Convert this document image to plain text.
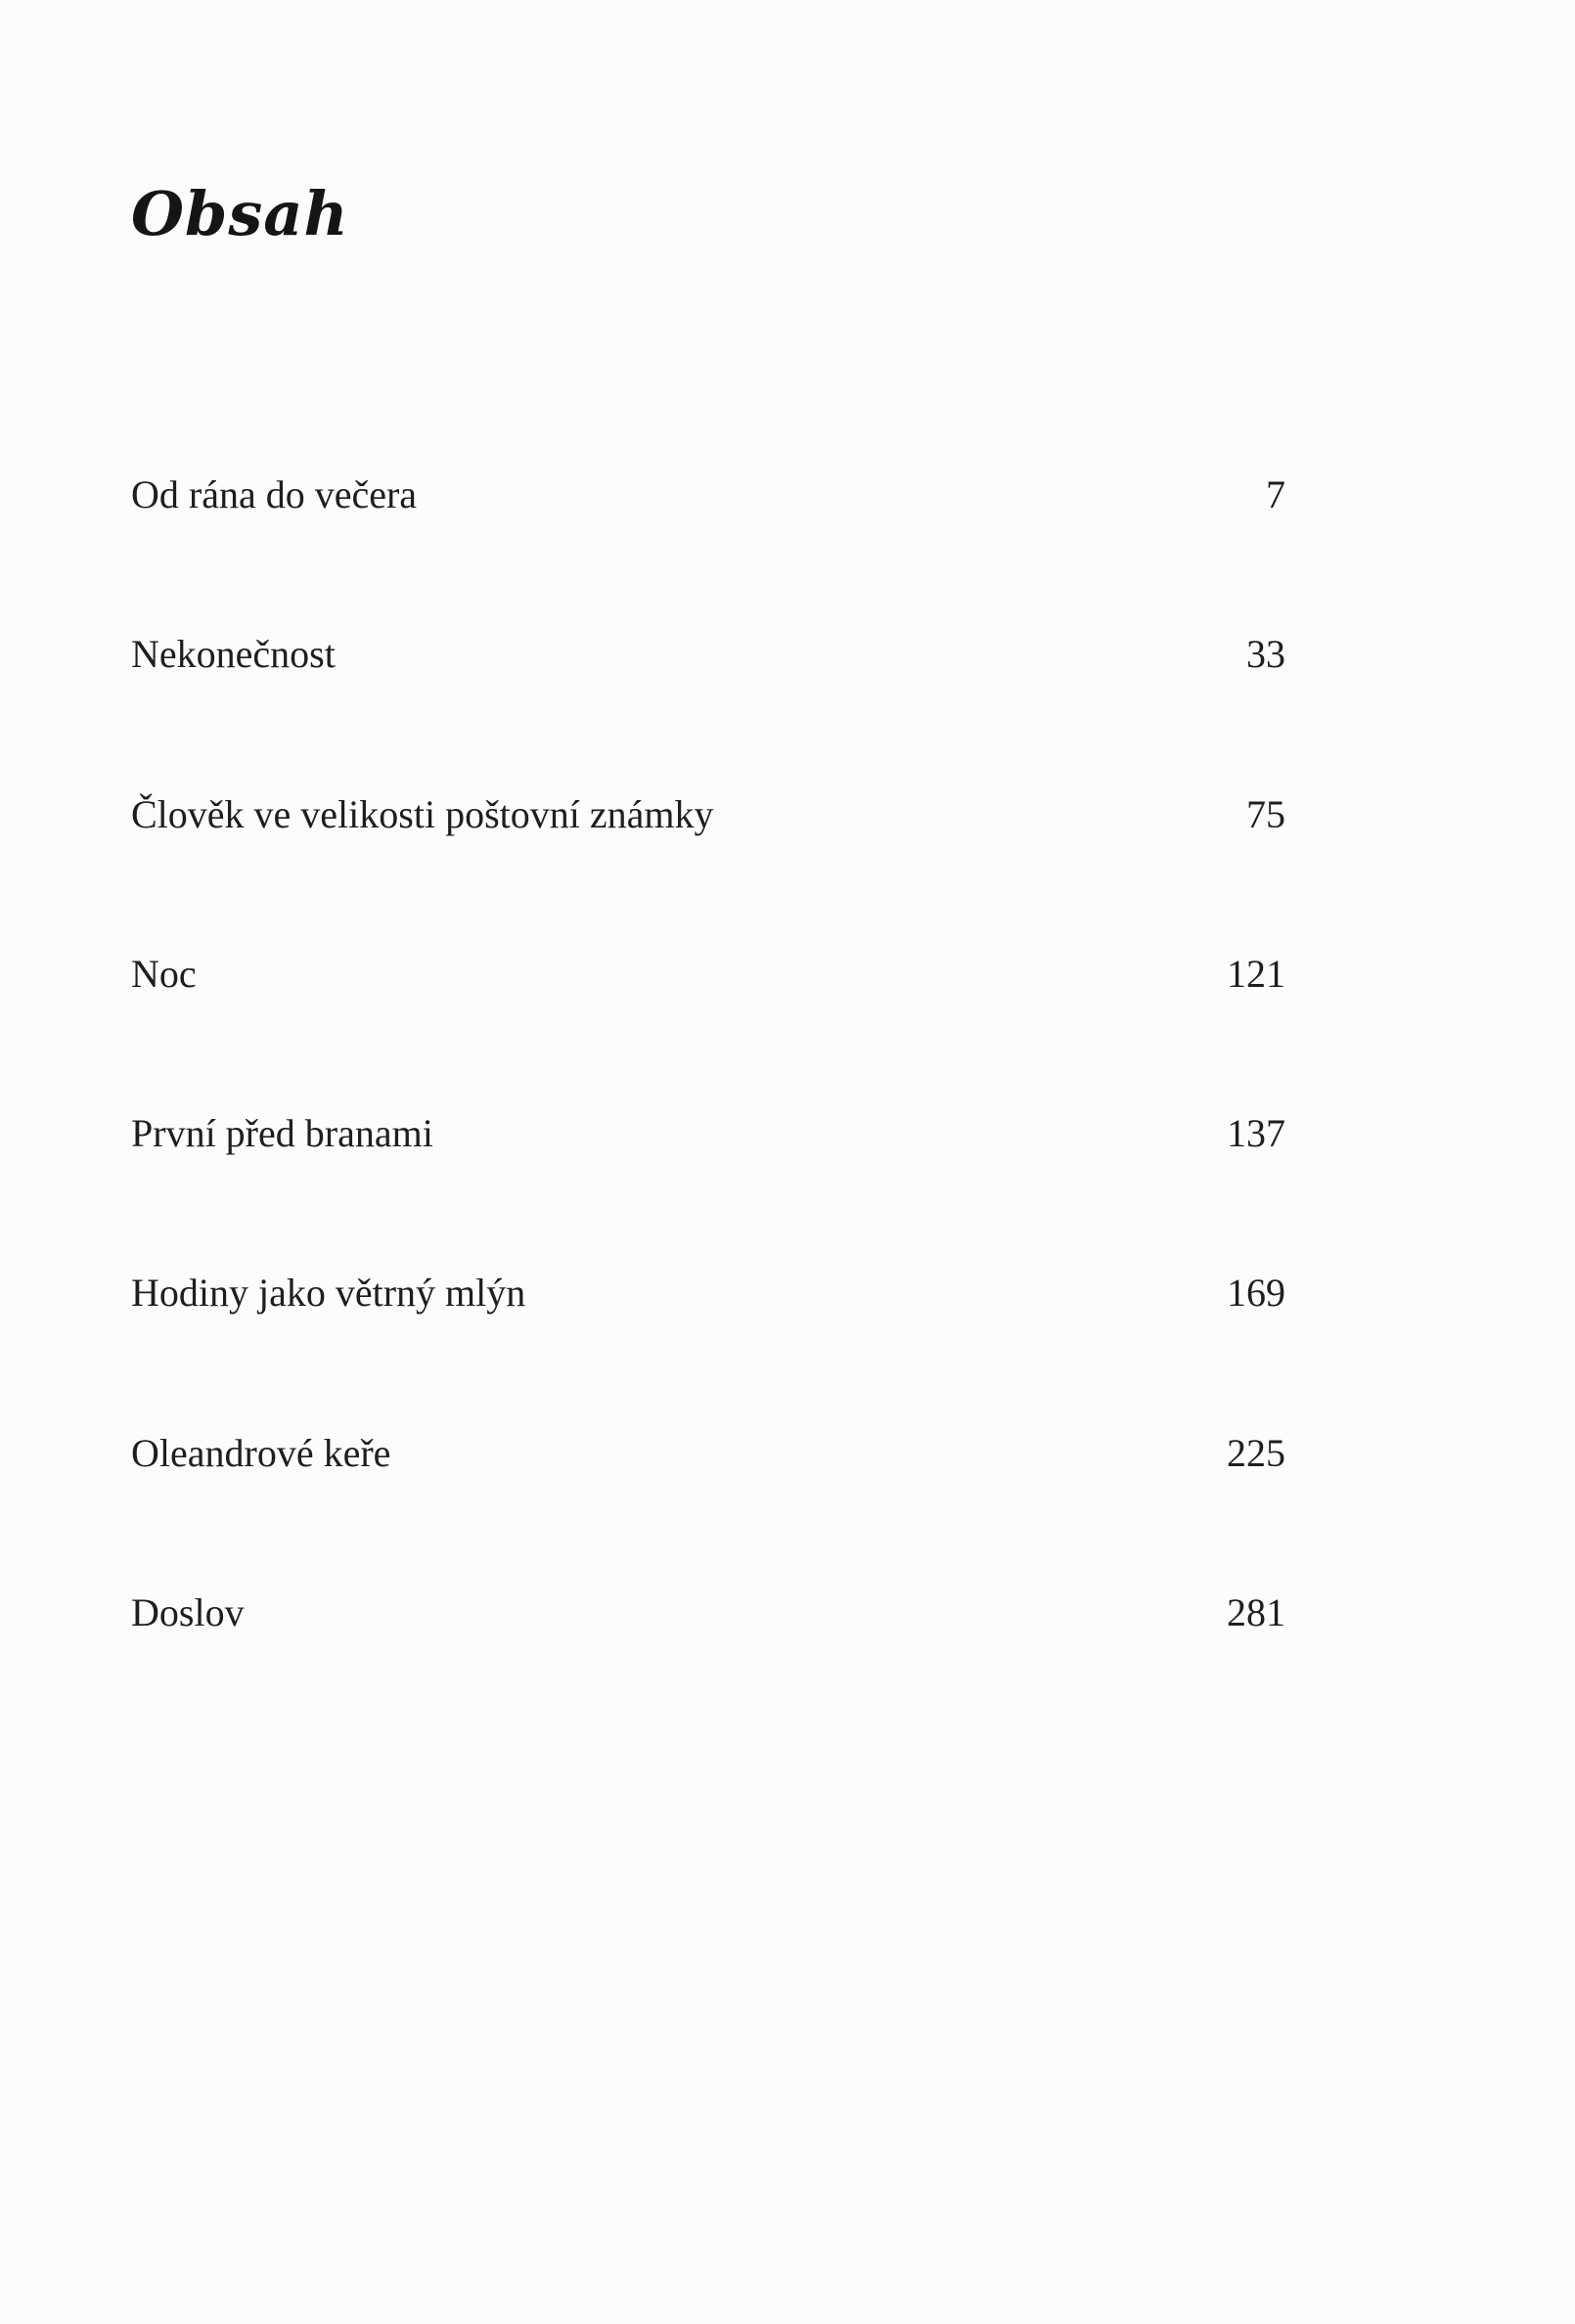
Obsah
Od rána do večera	7
Nekonečnost	33
Člověk ve velikosti poštovní známky	75
Noc	121
První před branami	137
Hodiny jako větrný mlýn	169
Oleandrové keře	225
Doslov	281
